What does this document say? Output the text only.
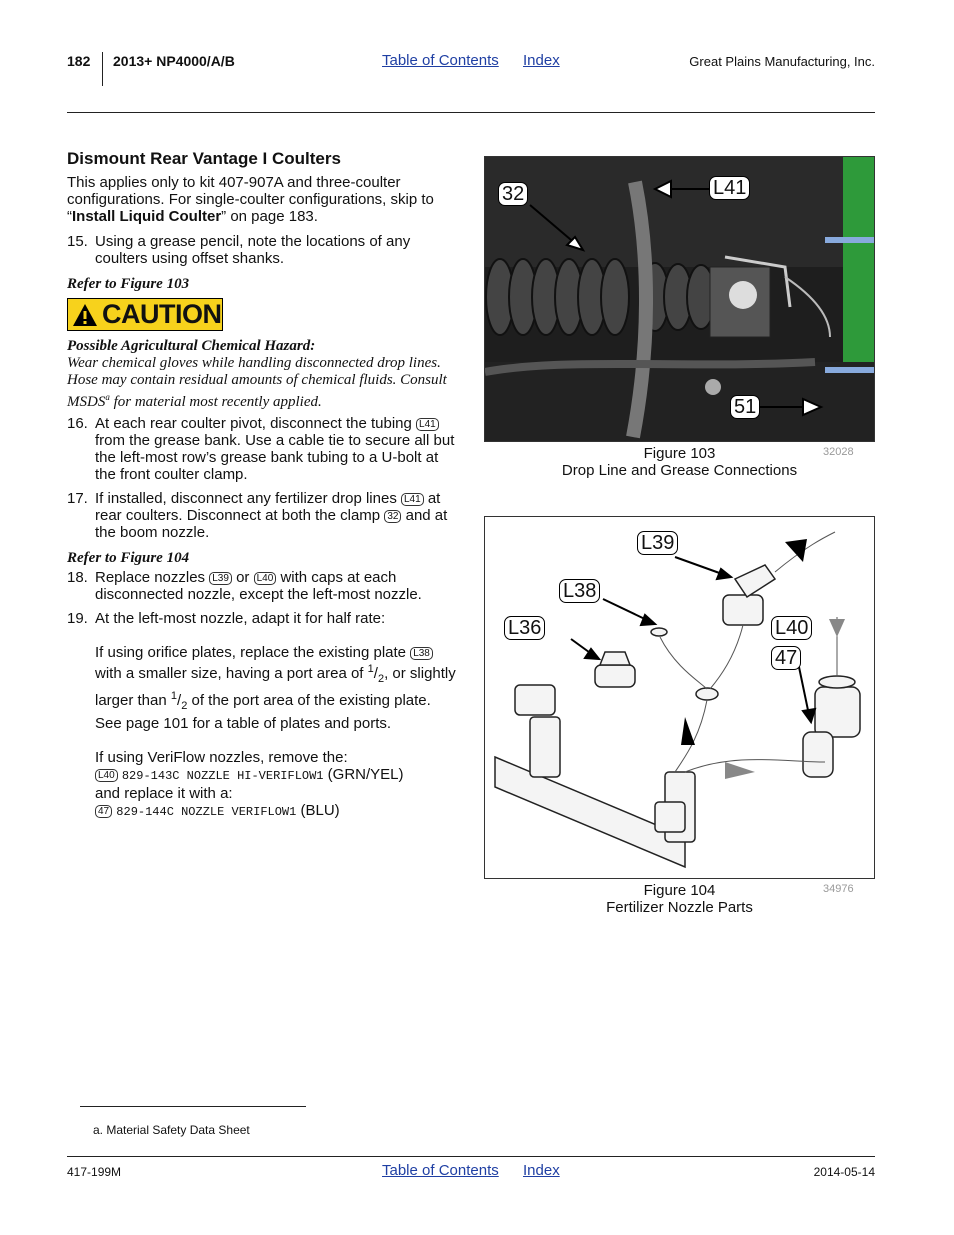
182 2013+ NP4000/A/B	Table of Contents Index	Great Plains Manufacturing, Inc.
Dismount Rear Vantage I Coulters

This applies only to kit 407-907A and three-coulter configurations. For single-coulter configurations, skip to “Install Liquid Coulter” on page 183.

15. Using a grease pencil, note the locations of any coulters using offset shanks.
Refer to Figure 103
CAUTION
Possible Agricultural Chemical Hazard:

Wear chemical gloves while handling disconnected drop lines. Hose may contain residual amounts of chemical fluids. Consult MSDS$^a$ for material most recently applied.

16. At each rear coulter pivot, disconnect the tubing L41 from the grease bank. Use a cable tie to secure all but the left-most row’s grease bank tubing to a U-bolt at the front coulter clamp.
17. If installed, disconnect any fertilizer drop lines L41 at rear coulters. Disconnect at both the clamp 32 and at the boom nozzle.
Refer to Figure 104
18. Replace nozzles L39 or L40 with caps at each disconnected nozzle, except the left-most nozzle.
19. At the left-most nozzle, adapt it for half rate:
If using orifice plates, replace the existing plate L38 with a smaller size, having a port area of $^1/_2$, or slightly larger than $^1/_2$ of the port area of the existing plate. See page 101 for a table of plates and ports.
If using VeriFlow nozzles, remove the:
L40 829-143C NOZZLE HI-VERIFLOW1 (GRN/YEL)
and replace it with a:
47 829-144C NOZZLE VERIFLOW1 (BLU)
32	L41
51
Figure 103
Drop Line and Grease Connections
32028
L39
L38
L36	L40
47
Figure 104
Fertilizer Nozzle Parts
34976
a. Material Safety Data Sheet
417-199M	Table of Contents Index	2014-05-14
